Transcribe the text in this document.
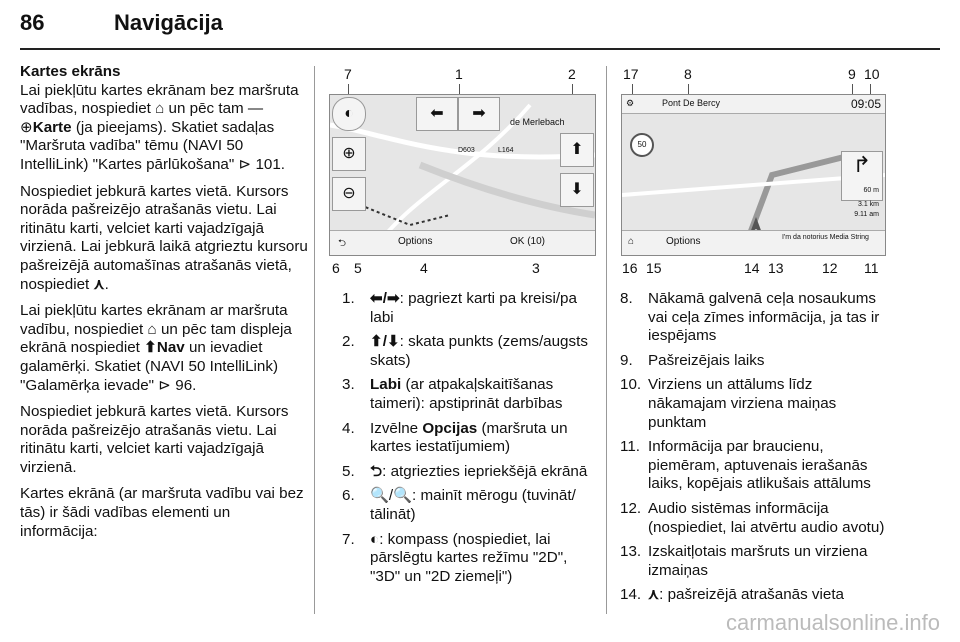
86	Navigācija

Kartes ekrāns

Lai piekļūtu kartes ekrānam bez maršruta vadības, nospiediet ⌂ un pēc tam — ⊕Karte (ja pieejams). Skatiet sadaļas "Maršruta vadība" tēmu (NAVI 50 IntelliLink) "Kartes pārlūkošana" ⊳ 101.

Nospiediet jebkurā kartes vietā. Kursors norāda pašreizējo atrašanās vietu. Lai ritinātu karti, velciet karti vajadzīgajā virzienā. Lai jebkurā laikā atgrieztu kursoru pašreizējā automašīnas atrašanās vietā, nospiediet ⋏.

Lai piekļūtu kartes ekrānam ar maršruta vadību, nospiediet ⌂ un pēc tam displeja ekrānā nospiediet ⬆Nav un ievadiet galamērķi. Skatiet (NAVI 50 IntelliLink) "Galamērķa ievade" ⊳ 96.

Nospiediet jebkurā kartes vietā. Kursors norāda pašreizējo atrašanās vietu. Lai ritinātu karti, velciet karti vajadzīgajā virzienā.

Kartes ekrānā (ar maršruta vadību vai bez tās) ir šādi vadības elementi un informācija:

7	1	2
6 5	4	3
◐
⊕
⊖
⬅	➡
⬆
⬇
de Merlebach
D603	L164
⮌	Options	OK (10)
17	8	9 10
16 15	14 13	12 11
⚙	Pont De Bercy	09:05
50
↱
60 m
3.1 km
9.11 am
⌂	Options	I'm da notorius Media String
1. ⬅/➡: pagriezt karti pa kreisi/pa labi
2. ⬆/⬇: skata punkts (zems/augsts skats)
3. Labi (ar atpakaļskaitīšanas taimeri): apstiprināt darbības
4. Izvēlne Opcijas (maršruta un kartes iestatījumiem)
5. ⮌: atgriezties iepriekšējā ekrānā
6. 🔍/🔍: mainīt mērogu (tuvināt/ tālināt)
7. ◐: kompass (nospiediet, lai pārslēgtu kartes režīmu "2D", "3D" un "2D ziemeļi")
8. Nākamā galvenā ceļa nosaukums vai ceļa zīmes informācija, ja tas ir iespējams
9. Pašreizējais laiks
10. Virziens un attālums līdz nākamajam virziena maiņas punktam
11. Informācija par braucienu, piemēram, aptuvenais ierašanās laiks, kopējais atlikušais attālums
12. Audio sistēmas informācija (nospiediet, lai atvērtu audio avotu)
13. Izskaitļotais maršruts un virziena izmaiņas
14. ⋏: pašreizējā atrašanās vieta
carmanualsonline.info
